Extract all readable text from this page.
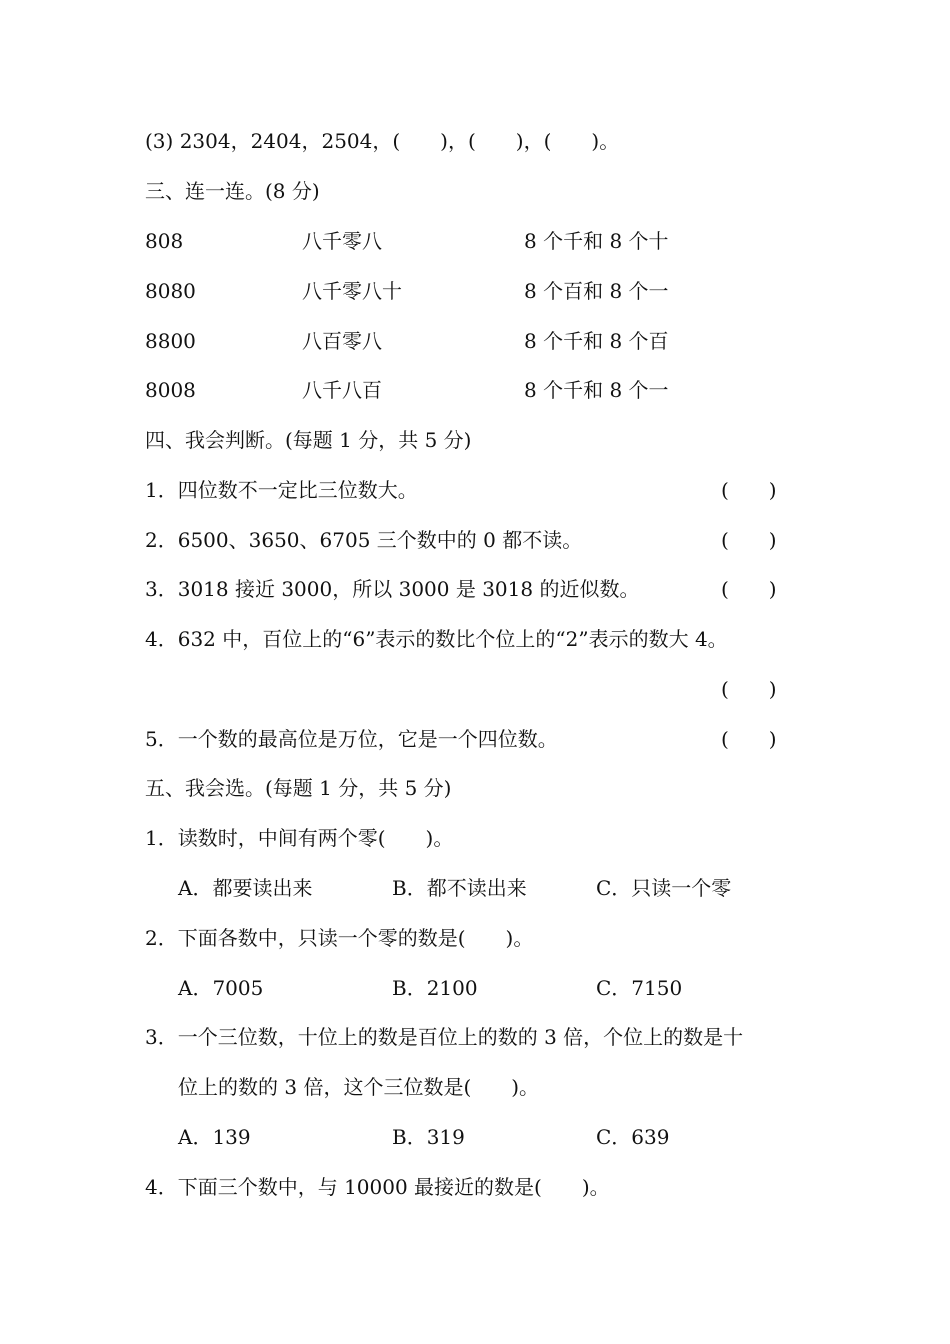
(3) 2304，2404，2504，(　　)，(　　)，(　　)。
三、连一连。(8 分)
808	八千零八	8 个千和 8 个十
8080	八千零八十	8 个百和 8 个一
8800	八百零八	8 个千和 8 个百
8008	八千八百	8 个千和 8 个一
四、我会判断。(每题 1 分，共 5 分)
1．四位数不一定比三位数大。	(　　)
2．6500、3650、6705 三个数中的 0 都不读。	(　　)
3．3018 接近 3000，所以 3000 是 3018 的近似数。	(　　)
4．632 中，百位上的“6”表示的数比个位上的“2”表示的数大 4。
(　　)
5．一个数的最高位是万位，它是一个四位数。	(　　)
五、我会选。(每题 1 分，共 5 分)
1．读数时，中间有两个零(　　)。
A．都要读出来	B．都不读出来	C．只读一个零
2．下面各数中，只读一个零的数是(　　)。
A．7005	B．2100	C．7150
3．一个三位数，十位上的数是百位上的数的 3 倍，个位上的数是十
位上的数的 3 倍，这个三位数是(　　)。
A．139	B．319	C．639
4．下面三个数中，与 10000 最接近的数是(　　)。
